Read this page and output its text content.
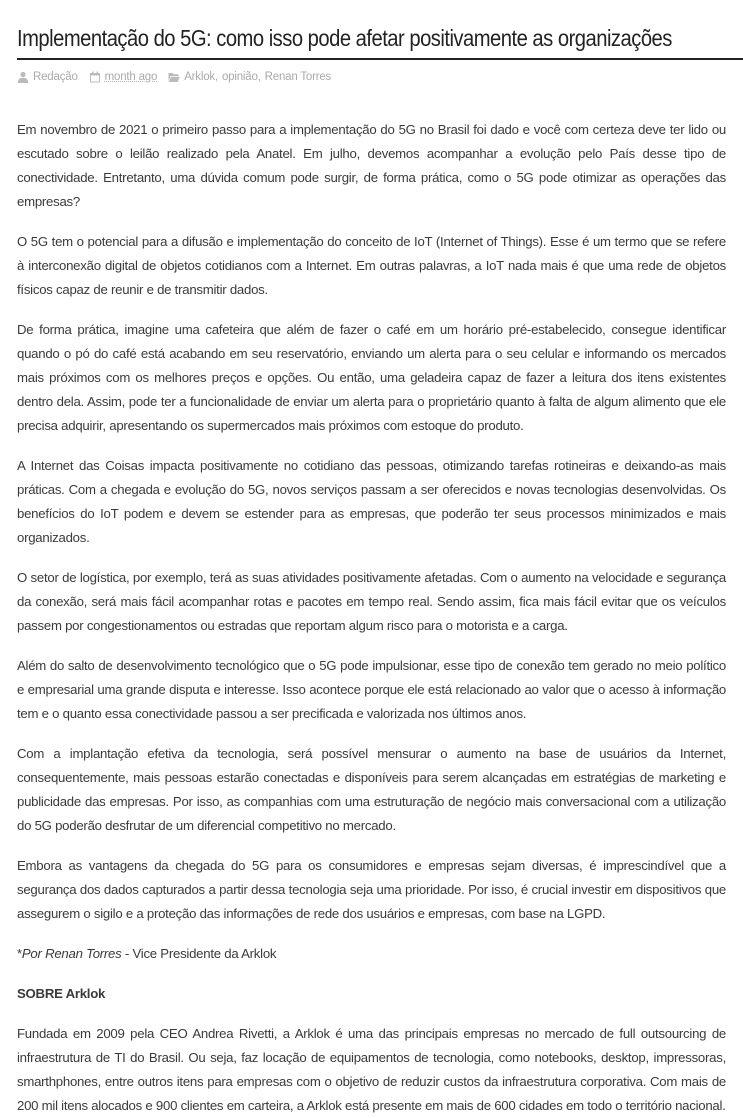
Implementação do 5G: como isso pode afetar positivamente as organizações
Redação month ago Arklok , opinião , Renan Torres

Em novembro de 2021 o primeiro passo para a implementação do 5G no Brasil foi dado e você com certeza deve ter lido ou escutado sobre o leilão realizado pela Anatel. Em julho, devemos acompanhar a evolução pelo País desse tipo de conectividade. Entretanto, uma dúvida comum pode surgir, de forma prática, como o 5G pode otimizar as operações das empresas?

O 5G tem o potencial para a difusão e implementação do conceito de IoT (Internet of Things). Esse é um termo que se refere à interconexão digital de objetos cotidianos com a Internet. Em outras palavras, a IoT nada mais é que uma rede de objetos físicos capaz de reunir e de transmitir dados.

De forma prática, imagine uma cafeteira que além de fazer o café em um horário pré-estabelecido, consegue identificar quando o pó do café está acabando em seu reservatório, enviando um alerta para o seu celular e informando os mercados mais próximos com os melhores preços e opções. Ou então, uma geladeira capaz de fazer a leitura dos itens existentes dentro dela. Assim, pode ter a funcionalidade de enviar um alerta para o proprietário quanto à falta de algum alimento que ele precisa adquirir, apresentando os supermercados mais próximos com estoque do produto.

A Internet das Coisas impacta positivamente no cotidiano das pessoas, otimizando tarefas rotineiras e deixando-as mais práticas. Com a chegada e evolução do 5G, novos serviços passam a ser oferecidos e novas tecnologias desenvolvidas. Os benefícios do IoT podem e devem se estender para as empresas, que poderão ter seus processos minimizados e mais organizados.

O setor de logística, por exemplo, terá as suas atividades positivamente afetadas. Com o aumento na velocidade e segurança da conexão, será mais fácil acompanhar rotas e pacotes em tempo real. Sendo assim, fica mais fácil evitar que os veículos passem por congestionamentos ou estradas que reportam algum risco para o motorista e a carga.

Além do salto de desenvolvimento tecnológico que o 5G pode impulsionar, esse tipo de conexão tem gerado no meio político e empresarial uma grande disputa e interesse. Isso acontece porque ele está relacionado ao valor que o acesso à informação tem e o quanto essa conectividade passou a ser precificada e valorizada nos últimos anos.

Com a implantação efetiva da tecnologia, será possível mensurar o aumento na base de usuários da Internet, consequentemente, mais pessoas estarão conectadas e disponíveis para serem alcançadas em estratégias de marketing e publicidade das empresas. Por isso, as companhias com uma estruturação de negócio mais conversacional com a utilização do 5G poderão desfrutar de um diferencial competitivo no mercado.

Embora as vantagens da chegada do 5G para os consumidores e empresas sejam diversas, é imprescindível que a segurança dos dados capturados a partir dessa tecnologia seja uma prioridade. Por isso, é crucial investir em dispositivos que assegurem o sigilo e a proteção das informações de rede dos usuários e empresas, com base na LGPD.

*Por Renan Torres - Vice Presidente da Arklok

SOBRE Arklok

Fundada em 2009 pela CEO Andrea Rivetti, a Arklok é uma das principais empresas no mercado de full outsourcing de infraestrutura de TI do Brasil. Ou seja, faz locação de equipamentos de tecnologia, como notebooks, desktop, impressoras, smarthphones, entre outros itens para empresas com o objetivo de reduzir custos da infraestrutura corporativa. Com mais de 200 mil itens alocados e 900 clientes em carteira, a Arklok está presente em mais de 600 cidades em todo o território nacional.
